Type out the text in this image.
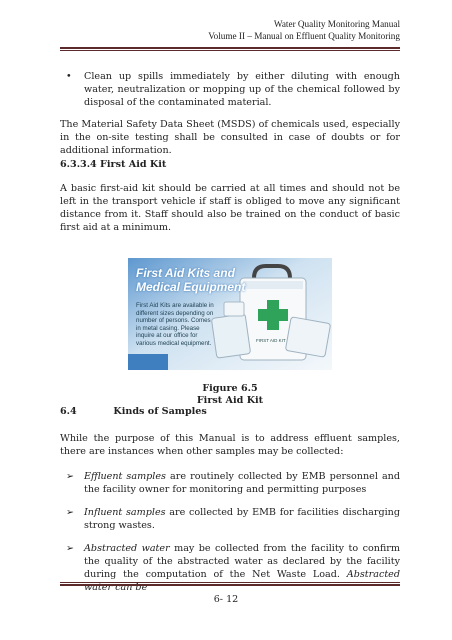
Water Quality Monitoring Manual
Volume II – Manual on Effluent Quality Monitoring
• Clean up spills immediately by either diluting with enough water, neutralization or mopping up of the chemical followed by disposal of the contaminated material.
The Material Safety Data Sheet (MSDS) of chemicals used, especially in the on-site testing shall be consulted in case of doubts or for additional information.
6.3.3.4 First Aid Kit
A basic first-aid kit should be carried at all times and should not be left in the transport vehicle if staff is obliged to move any significant distance from it. Staff should also be trained on the conduct of basic first aid at a minimum.
First Aid Kits and
Medical Equipment
First Aid Kits are available in different sizes depending on number of persons. Comes in metal casing. Please inquire at our office for various medical equipment.	FIRST AID KIT
Figure 6.5
First Aid Kit
6.4	Kinds of Samples
While the purpose of this Manual is to address effluent samples, there are instances when other samples may be collected:
➢ Effluent samples are routinely collected by EMB personnel and the facility owner for monitoring and permitting purposes
➢ Influent samples are collected by EMB for facilities discharging strong wastes.
➢ Abstracted water may be collected from the facility to confirm the quality of the abstracted water as declared by the facility during the computation of the Net Waste Load. Abstracted water can be
6- 12
